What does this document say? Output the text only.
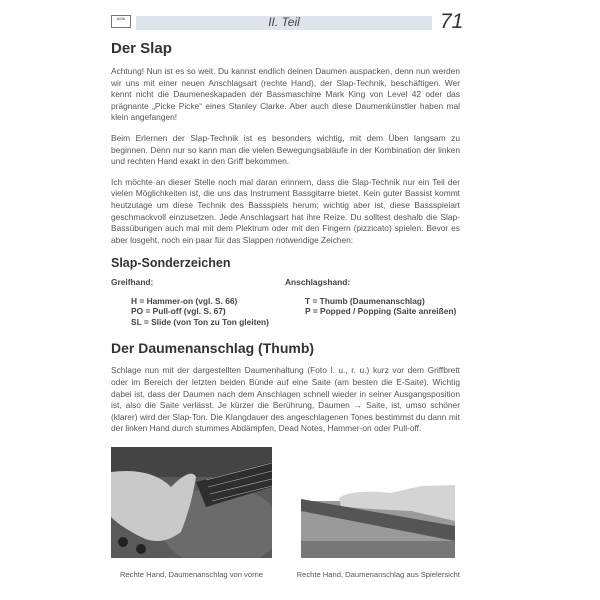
AMA	II. Teil	71
Der Slap
Achtung! Nun ist es so weit. Du kannst endlich deinen Daumen auspacken, denn nun werden wir uns mit einer neuen Anschlagsart (rechte Hand), der Slap-Technik, beschäftigen. Wer kennt nicht die Daumeneskapaden der Bassmaschine Mark King von Level 42 oder das prägnante „Picke Picke“ eines Stanley Clarke. Aber auch diese Daumenkünstler haben mal klein angefangen!
Beim Erlernen der Slap-Technik ist es besonders wichtig, mit dem Üben langsam zu beginnen. Denn nur so kann man die vielen Bewegungsabläufe in der Kombination der linken und rechten Hand exakt in den Griff bekommen.
Ich möchte an dieser Stelle noch mal daran erinnern, dass die Slap-Technik nur ein Teil der vielen Möglichkeiten ist, die uns das Instrument Bassgitarre bietet. Kein guter Bassist kommt heutzutage um diese Technik des Bassspiels herum; wichtig aber ist, diese Bassspielart geschmackvoll einzusetzen. Jede Anschlagsart hat ihre Reize. Du solltest deshalb die Slap-Bassübungen auch mal mit dem Plektrum oder mit den Fingern (pizzicato) spielen. Bevor es aber losgeht, noch ein paar für das Slappen notwendige Zeichen:
Slap-Sonderzeichen
Greifhand:
H = Hammer-on (vgl. S. 66)
PO = Pull-off (vgl. S. 67)
SL = Slide (von Ton zu Ton gleiten)
Anschlagshand:
T = Thumb (Daumenanschlag)
P = Popped / Popping (Saite anreißen)
Der Daumenanschlag (Thumb)
Schlage nun mit der dargestellten Daumenhaltung (Foto l. u., r. u.) kurz vor dem Griffbrett oder im Bereich der letzten beiden Bünde auf eine Saite (am besten die E-Saite). Wichtig dabei ist, dass der Daumen nach dem Anschlagen schnell wieder in seiner Ausgangsposition ist, also die Saite verlässt. Je kürzer die Berührung, Daumen → Saite, ist, umso schöner (klarer) wird der Slap-Ton. Die Klangdauer des angeschlagenen Tones bestimmst du dann mit der linken Hand durch stummes Abdämpfen, Dead Notes, Hammer-on oder Pull-off.
Rechte Hand, Daumenanschlag von vorne	Rechte Hand, Daumenanschlag aus Spielersicht
